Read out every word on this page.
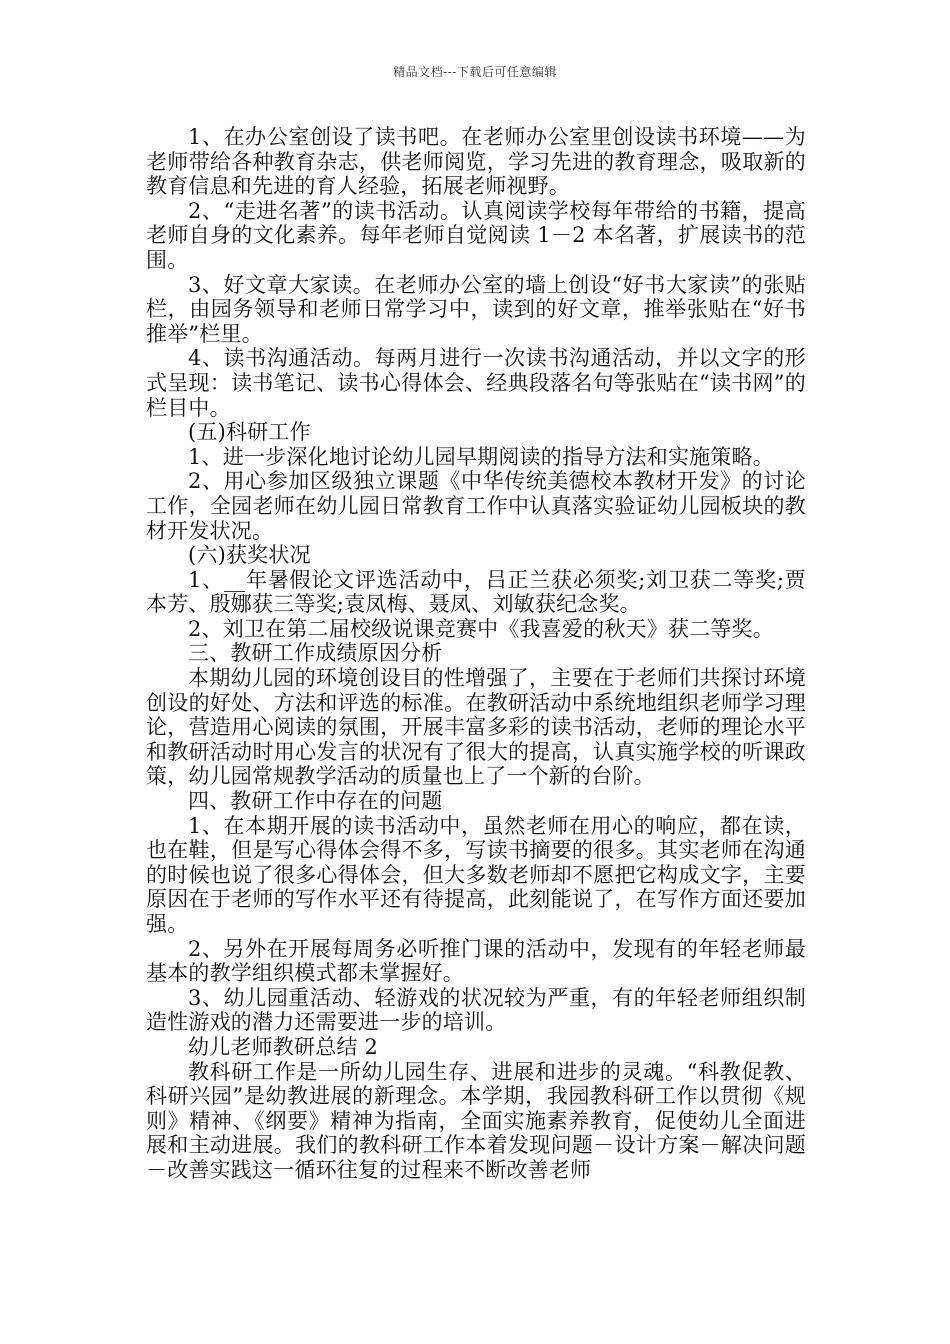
精品文档---下载后可任意编辑

1、在办公室创设了读书吧。在老师办公室里创设读书环境——为老师带给各种教育杂志，供老师阅览，学习先进的教育理念，吸取新的教育信息和先进的育人经验，拓展老师视野。

2、“走进名著”的读书活动。认真阅读学校每年带给的书籍，提高老师自身的文化素养。每年老师自觉阅读 1－2 本名著，扩展读书的范围。

3、好文章大家读。在老师办公室的墙上创设“好书大家读”的张贴栏，由园务领导和老师日常学习中，读到的好文章，推举张贴在“好书推举”栏里。

4、读书沟通活动。每两月进行一次读书沟通活动，并以文字的形式呈现：读书笔记、读书心得体会、经典段落名句等张贴在“读书网”的栏目中。

(五)科研工作

1、进一步深化地讨论幼儿园早期阅读的指导方法和实施策略。

2、用心参加区级独立课题《中华传统美德校本教材开发》的讨论工作，全园老师在幼儿园日常教育工作中认真落实验证幼儿园板块的教材开发状况。

(六)获奖状况

1、__年暑假论文评选活动中，吕正兰获必须奖;刘卫获二等奖;贾本芳、殷娜获三等奖;袁凤梅、聂凤、刘敏获纪念奖。

2、刘卫在第二届校级说课竞赛中《我喜爱的秋天》获二等奖。

三、教研工作成绩原因分析

本期幼儿园的环境创设目的性增强了，主要在于老师们共探讨环境创设的好处、方法和评选的标准。在教研活动中系统地组织老师学习理论，营造用心阅读的氛围，开展丰富多彩的读书活动，老师的理论水平和教研活动时用心发言的状况有了很大的提高，认真实施学校的听课政策，幼儿园常规教学活动的质量也上了一个新的台阶。

四、教研工作中存在的问题

1、在本期开展的读书活动中，虽然老师在用心的响应，都在读，也在鞋，但是写心得体会得不多，写读书摘要的很多。其实老师在沟通的时候也说了很多心得体会，但大多数老师却不愿把它构成文字，主要原因在于老师的写作水平还有待提高，此刻能说了，在写作方面还要加强。

2、另外在开展每周务必听推门课的活动中，发现有的年轻老师最基本的教学组织模式都未掌握好。

3、幼儿园重活动、轻游戏的状况较为严重，有的年轻老师组织制造性游戏的潜力还需要进一步的培训。

幼儿老师教研总结 2

教科研工作是一所幼儿园生存、进展和进步的灵魂。“科教促教、科研兴园”是幼教进展的新理念。本学期，我园教科研工作以贯彻《规则》精神、《纲要》精神为指南，全面实施素养教育，促使幼儿全面进展和主动进展。我们的教科研工作本着发现问题－设计方案－解决问题－改善实践这一循环往复的过程来不断改善老师
